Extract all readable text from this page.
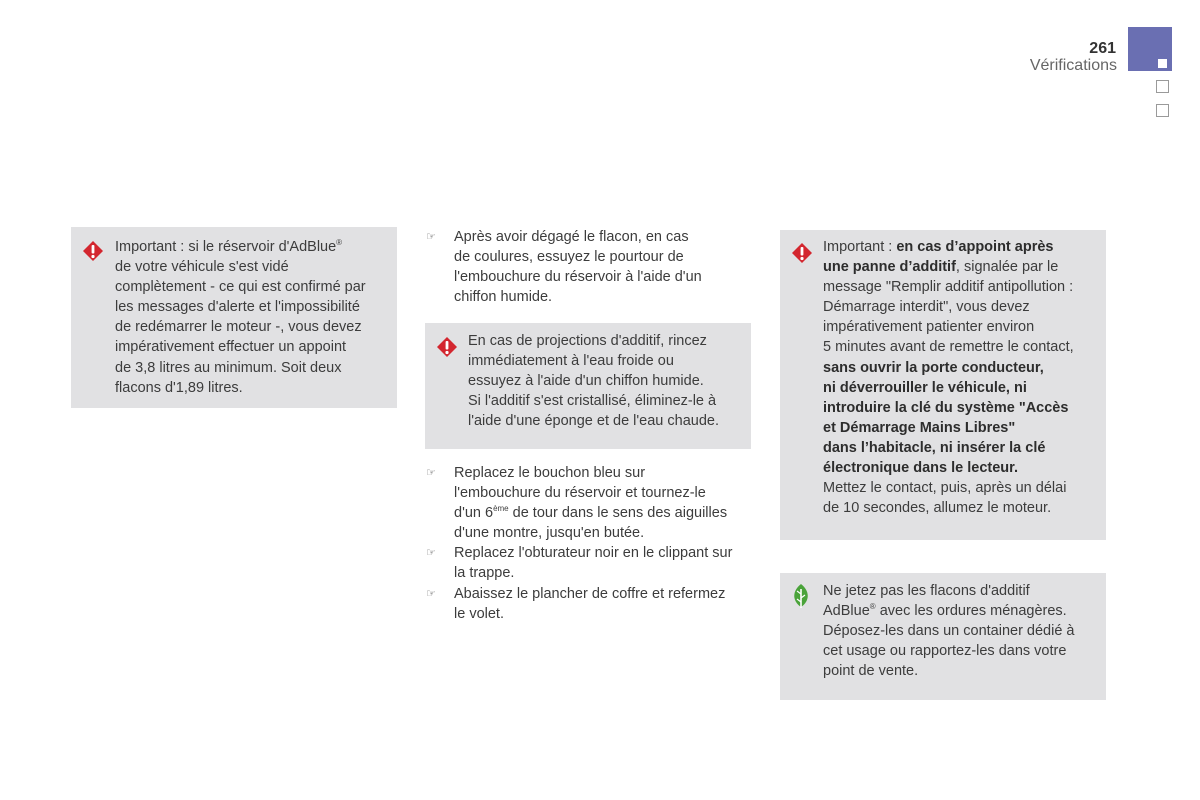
261
Vérifications
Important : si le réservoir d'AdBlue®
de votre véhicule s'est vidé
complètement - ce qui est confirmé par
les messages d'alerte et l'impossibilité
de redémarrer le moteur -, vous devez
impérativement effectuer un appoint
de 3,8 litres au minimum. Soit deux
flacons d'1,89 litres.
☞ Après avoir dégagé le flacon, en cas
de coulures, essuyez le pourtour de
l'embouchure du réservoir à l'aide d'un
chiffon humide.
En cas de projections d'additif, rincez
immédiatement à l'eau froide ou
essuyez à l'aide d'un chiffon humide.
Si l'additif s'est cristallisé, éliminez-le à
l'aide d'une éponge et de l'eau chaude.
☞ Replacez le bouchon bleu sur
l'embouchure du réservoir et tournez-le
d'un 6ème de tour dans le sens des aiguilles
d'une montre, jusqu'en butée.
☞ Replacez l'obturateur noir en le clippant sur
la trappe.
☞ Abaissez le plancher de coffre et refermez
le volet.
Important : en cas d’appoint après
une panne d’additif, signalée par le
message "Remplir additif antipollution :
Démarrage interdit", vous devez
impérativement patienter environ
5 minutes avant de remettre le contact,
sans ouvrir la porte conducteur,
ni déverrouiller le véhicule, ni
introduire la clé du système "Accès
et Démarrage Mains Libres"
dans l’habitacle, ni insérer la clé
électronique dans le lecteur.
Mettez le contact, puis, après un délai
de 10 secondes, allumez le moteur.
Ne jetez pas les flacons d'additif
AdBlue® avec les ordures ménagères.
Déposez-les dans un container dédié à
cet usage ou rapportez-les dans votre
point de vente.
